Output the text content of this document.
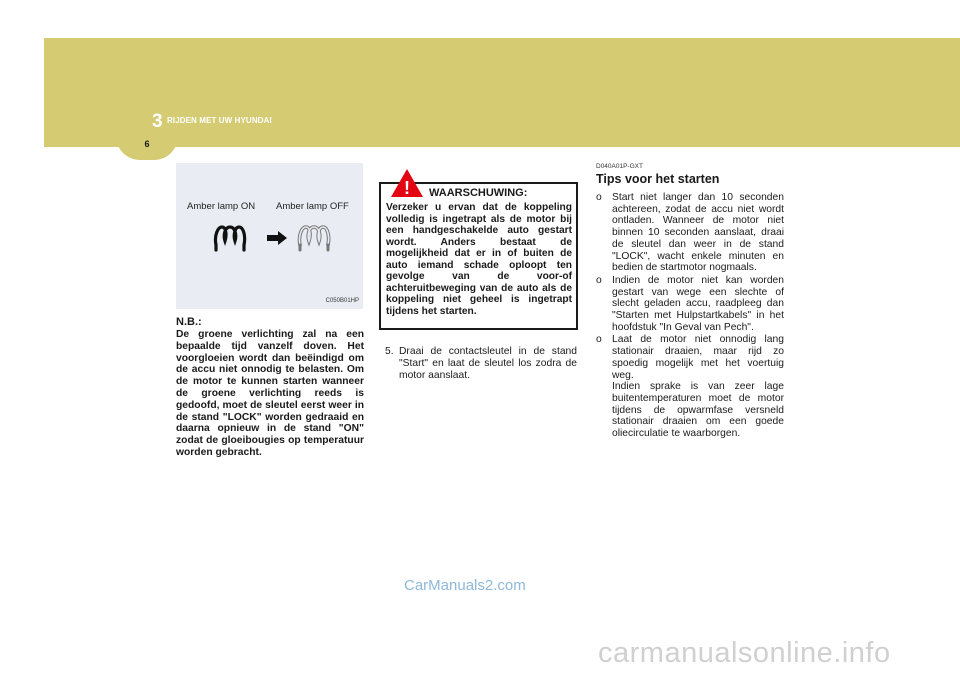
3 RIJDEN MET UW HYUNDAI
6
Amber lamp ON Amber lamp OFF
C050B01HP
N.B.:

De groene verlichting zal na een bepaalde tijd vanzelf doven. Het voorgloeien wordt dan beëindigd om de accu niet onnodig te belasten. Om de motor te kunnen starten wanneer de groene verlichting reeds is gedoofd, moet de sleutel eerst weer in de stand "LOCK" worden gedraaid en daarna opnieuw in de stand "ON" zodat de gloeibougies op temperatuur worden gebracht.

! WAARSCHUWING:

Verzeker u ervan dat de koppeling volledig is ingetrapt als de motor bij een handgeschakelde auto gestart wordt. Anders bestaat de mogelijkheid dat er in of buiten de auto iemand schade oploopt ten gevolge van de voor-of achteruitbeweging van de auto als de koppeling niet geheel is ingetrapt tijdens het starten.

5. Draai de contactsleutel in de stand "Start" en laat de sleutel los zodra de motor aanslaat.
D040A01P-GXT
Tips voor het starten
o Start niet langer dan 10 seconden achtereen, zodat de accu niet wordt ontladen. Wanneer de motor niet binnen 10 seconden aanslaat, draai de sleutel dan weer in de stand "LOCK", wacht enkele minuten en bedien de startmotor nogmaals.
o Indien de motor niet kan worden gestart van wege een slechte of slecht geladen accu, raadpleeg dan "Starten met Hulpstartkabels" in het hoofdstuk "In Geval van Pech".
o Laat de motor niet onnodig lang stationair draaien, maar rijd zo spoedig mogelijk met het voertuig weg.
Indien sprake is van zeer lage buitentemperaturen moet de motor tijdens de opwarmfase versneld stationair draaien om een goede oliecirculatie te waarborgen.
CarManuals2.com
carmanualsonline.info
